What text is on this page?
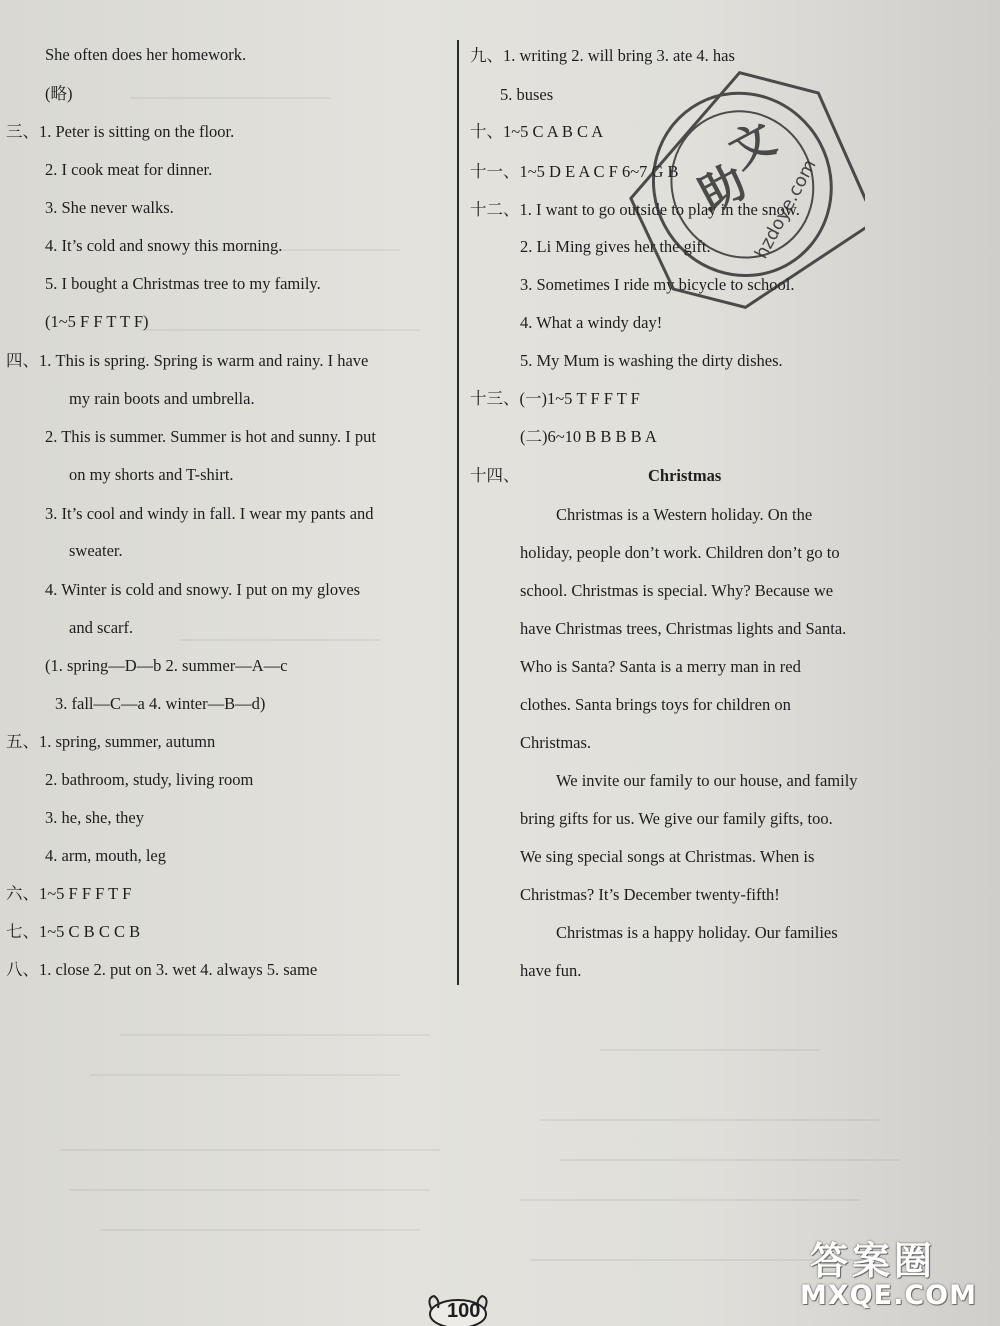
She often does her homework.
(略)
三、1. Peter is sitting on the floor.
2. I cook meat for dinner.
3. She never walks.
4. It’s cold and snowy this morning.
5. I bought a Christmas tree to my family.
(1~5 F F T T F)
四、1. This is spring. Spring is warm and rainy. I have
my rain boots and umbrella.
2. This is summer. Summer is hot and sunny. I put
on my shorts and T-shirt.
3. It’s cool and windy in fall. I wear my pants and
sweater.
4. Winter is cold and snowy. I put on my gloves
and scarf.
(1. spring—D—b 2. summer—A—c
3. fall—C—a 4. winter—B—d)
五、1. spring, summer, autumn
2. bathroom, study, living room
3. he, she, they
4. arm, mouth, leg
六、1~5 F F F T F
七、1~5 C B C C B
八、1. close 2. put on 3. wet 4. always 5. same
九、1. writing 2. will bring 3. ate 4. has
5. buses
十、1~5 C A B C A
十一、1~5 D E A C F 6~7 G B
十二、1. I want to go outside to play in the snow.
2. Li Ming gives her the gift.
3. Sometimes I ride my bicycle to school.
4. What a windy day!
5. My Mum is washing the dirty dishes.
十三、(一)1~5 T F F T F
(二)6~10 B B B B A
十四、	Christmas
Christmas is a Western holiday. On the
holiday, people don’t work. Children don’t go to
school. Christmas is special. Why? Because we
have Christmas trees, Christmas lights and Santa.
Who is Santa? Santa is a merry man in red
clothes. Santa brings toys for children on
Christmas.
We invite our family to our house, and family
bring gifts for us. We give our family gifts, too.
We sing special songs at Christmas. When is
Christmas? It’s December twenty-fifth!
Christmas is a happy holiday. Our families
have fun.
助
文
hzdoye.com
答案圈
MXQE.COM
100
